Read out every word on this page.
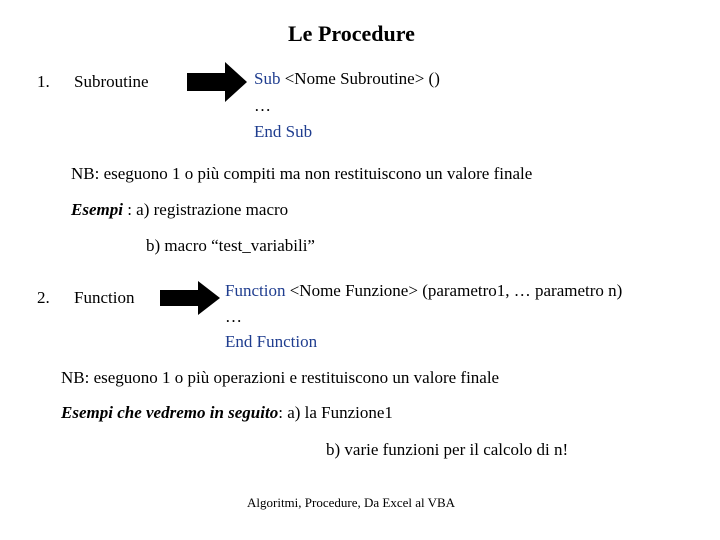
Le Procedure
1. Subroutine	Sub <Nome Subroutine> ()
…
End Sub
NB: eseguono 1 o più compiti ma non restituiscono un valore finale
Esempi : a) registrazione macro
b) macro “test_variabili”
2. Function	Function <Nome Funzione> (parametro1, … parametro n)
…
End Function
NB: eseguono 1 o più operazioni e restituiscono un valore finale
Esempi che vedremo in seguito: a) la Funzione1
b) varie funzioni per il calcolo di n!
Algoritmi, Procedure, Da Excel al VBA
